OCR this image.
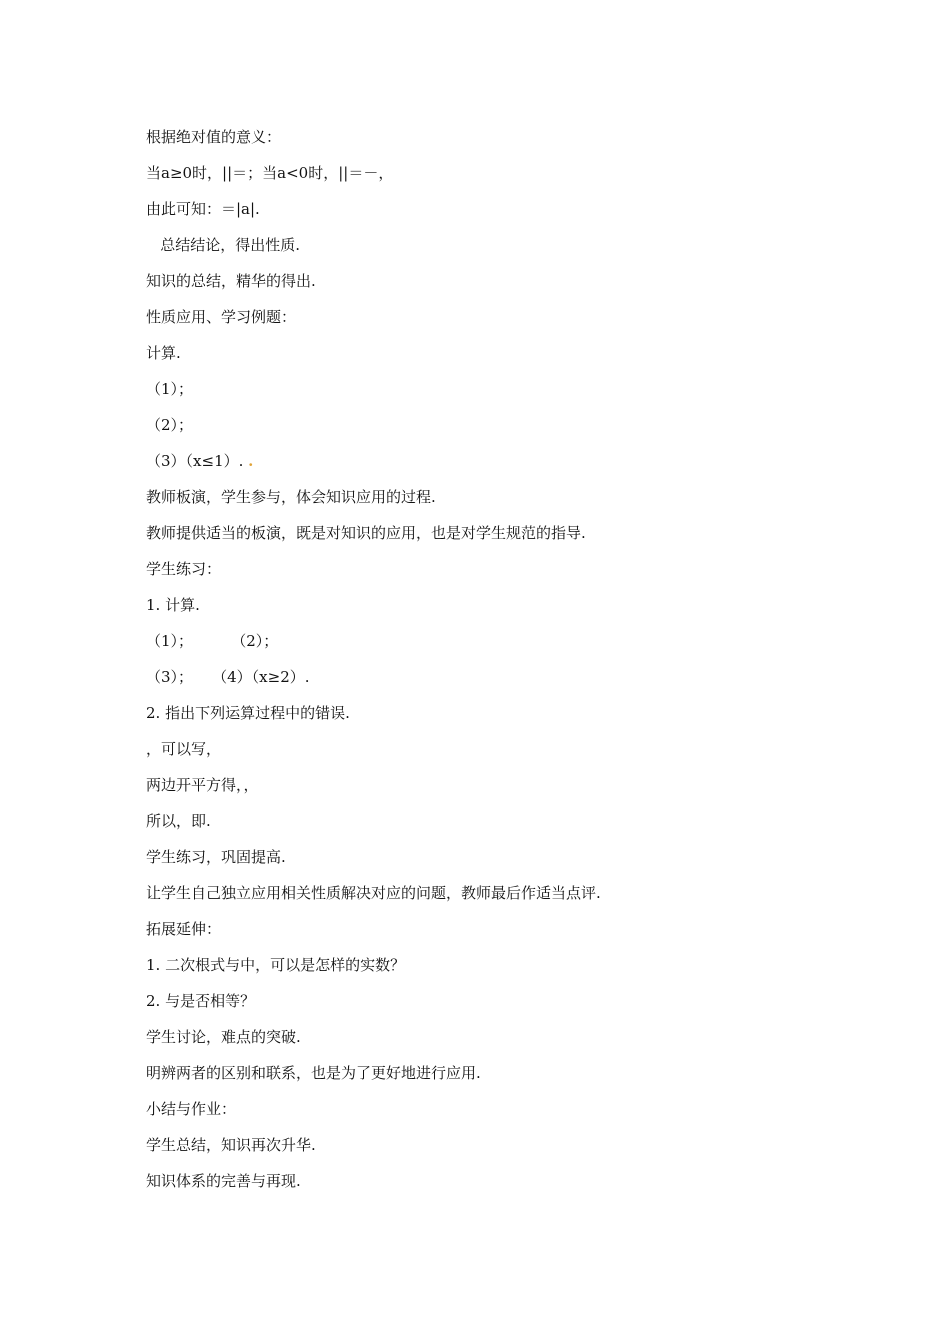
根据绝对值的意义：
当a≥0时，||＝；当a<0时，||＝－，
由此可知：＝|a|.
总结结论，得出性质.
知识的总结，精华的得出.
性质应用、学习例题：
计算.
（1）；
（2）；
（3）（x≤1）. .
教师板演，学生参与，体会知识应用的过程.
教师提供适当的板演，既是对知识的应用，也是对学生规范的指导.
学生练习：
1. 计算.
（1）；        （2）；
（3）；    （4）（x≥2）.
2. 指出下列运算过程中的错误.
，可以写，
两边开平方得，，
所以，即.
学生练习，巩固提高.
让学生自己独立应用相关性质解决对应的问题，教师最后作适当点评.
拓展延伸：
1. 二次根式与中，可以是怎样的实数？
2. 与是否相等？
学生讨论，难点的突破.
明辨两者的区别和联系，也是为了更好地进行应用.
小结与作业：
学生总结，知识再次升华.
知识体系的完善与再现.
